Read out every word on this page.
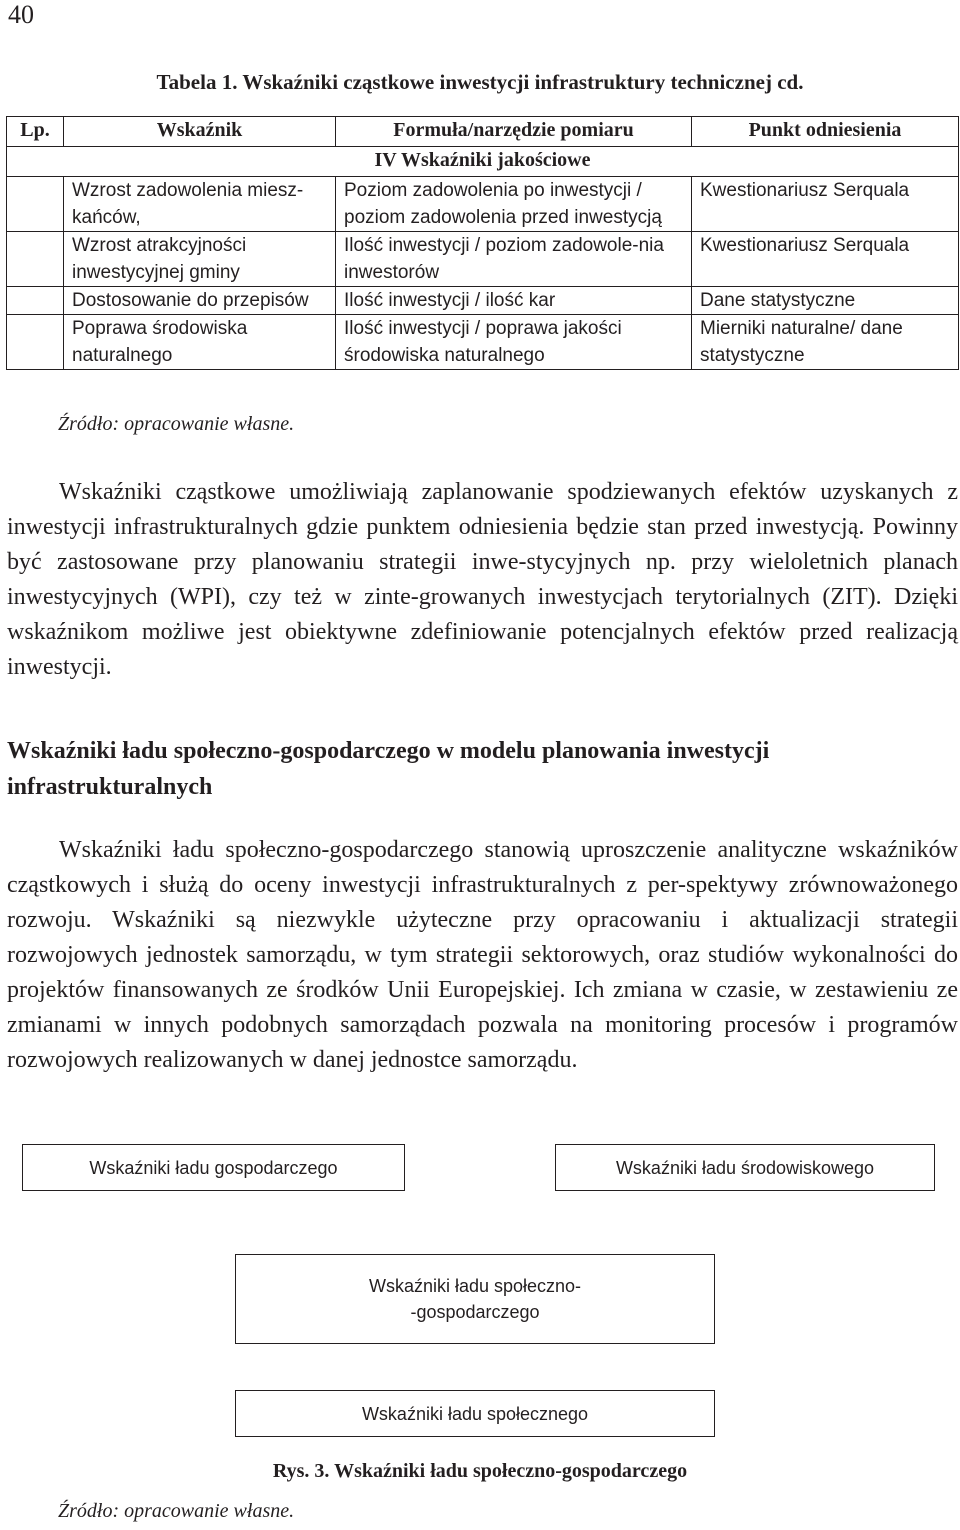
40
Tabela 1. Wskaźniki cząstkowe inwestycji infrastruktury technicznej cd.
Lp.	Wskaźnik	Formuła/narzędzie pomiaru	Punkt odniesienia
IV Wskaźniki jakościowe			
	Wzrost zadowolenia miesz-kańców,	Poziom zadowolenia po inwestycji / poziom zadowolenia przed inwestycją	Kwestionariusz Serquala
	Wzrost atrakcyjności inwestycyjnej gminy	Ilość inwestycji / poziom zadowole-nia inwestorów	Kwestionariusz Serquala
	Dostosowanie do przepisów	Ilość inwestycji / ilość kar	Dane statystyczne
	Poprawa środowiska naturalnego	Ilość inwestycji / poprawa jakości środowiska naturalnego	Mierniki naturalne/ dane statystyczne
Źródło: opracowanie własne.

Wskaźniki cząstkowe umożliwiają zaplanowanie spodziewanych efektów uzyskanych z inwestycji infrastrukturalnych gdzie punktem odniesienia będzie stan przed inwestycją. Powinny być zastosowane przy planowaniu strategii inwe-stycyjnych np. przy wieloletnich planach inwestycyjnych (WPI), czy też w zinte-growanych inwestycjach terytorialnych (ZIT). Dzięki wskaźnikom możliwe jest obiektywne zdefiniowanie potencjalnych efektów przed realizacją inwestycji.

Wskaźniki ładu społeczno-gospodarczego w modelu planowania inwestycji infrastrukturalnych

Wskaźniki ładu społeczno-gospodarczego stanowią uproszczenie analityczne wskaźników cząstkowych i służą do oceny inwestycji infrastrukturalnych z per-spektywy zrównoważonego rozwoju. Wskaźniki są niezwykle użyteczne przy opracowaniu i aktualizacji strategii rozwojowych jednostek samorządu, w tym strategii sektorowych, oraz studiów wykonalności do projektów finansowanych ze środków Unii Europejskiej. Ich zmiana w czasie, w zestawieniu ze zmianami w innych podobnych samorządach pozwala na monitoring procesów i programów rozwojowych realizowanych w danej jednostce samorządu.

Wskaźniki ładu gospodarczego	Wskaźniki ładu środowiskowego
Wskaźniki ładu społeczno-
-gospodarczego
Wskaźniki ładu społecznego
Rys. 3. Wskaźniki ładu społeczno-gospodarczego
Źródło: opracowanie własne.
